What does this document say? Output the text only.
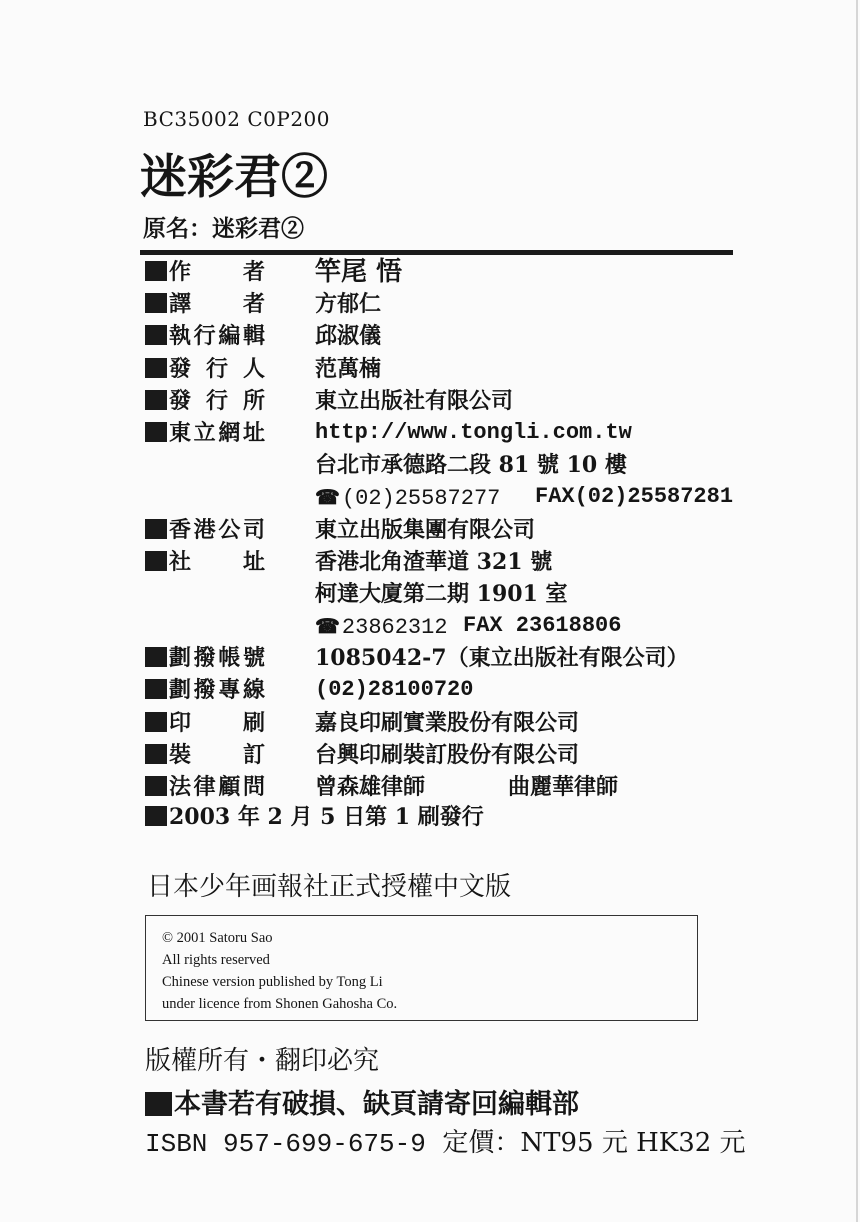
BC35002 C0P200
迷彩君②
原名：迷彩君②
作　者 竿尾 悟
譯　者 方郁仁
執行編輯 邱淑儀
發 行 人 范萬楠
發 行 所 東立出版社有限公司
東立網址 http://www.tongli.com.tw
台北市承德路二段 81 號 10 樓
☎(02)25587277 FAX(02)25587281
香港公司 東立出版集團有限公司
社　址 香港北角渣華道 321 號
柯達大廈第二期 1901 室
☎23862312 FAX 23618806
劃撥帳號 1085042-7（東立出版社有限公司）
劃撥專線 (02)28100720
印　刷 嘉良印刷實業股份有限公司
裝　訂 台興印刷裝訂股份有限公司
法律顧問 曾森雄律師	曲麗華律師
2003 年 2 月 5 日第 1 刷發行
日本少年画報社正式授權中文版
© 2001 Satoru Sao
All rights reserved
Chinese version published by Tong Li
under licence from Shonen Gahosha Co.
版權所有・翻印必究
本書若有破損、缺頁請寄回編輯部
ISBN 957-699-675-9 定價：NT95 元 HK32 元
